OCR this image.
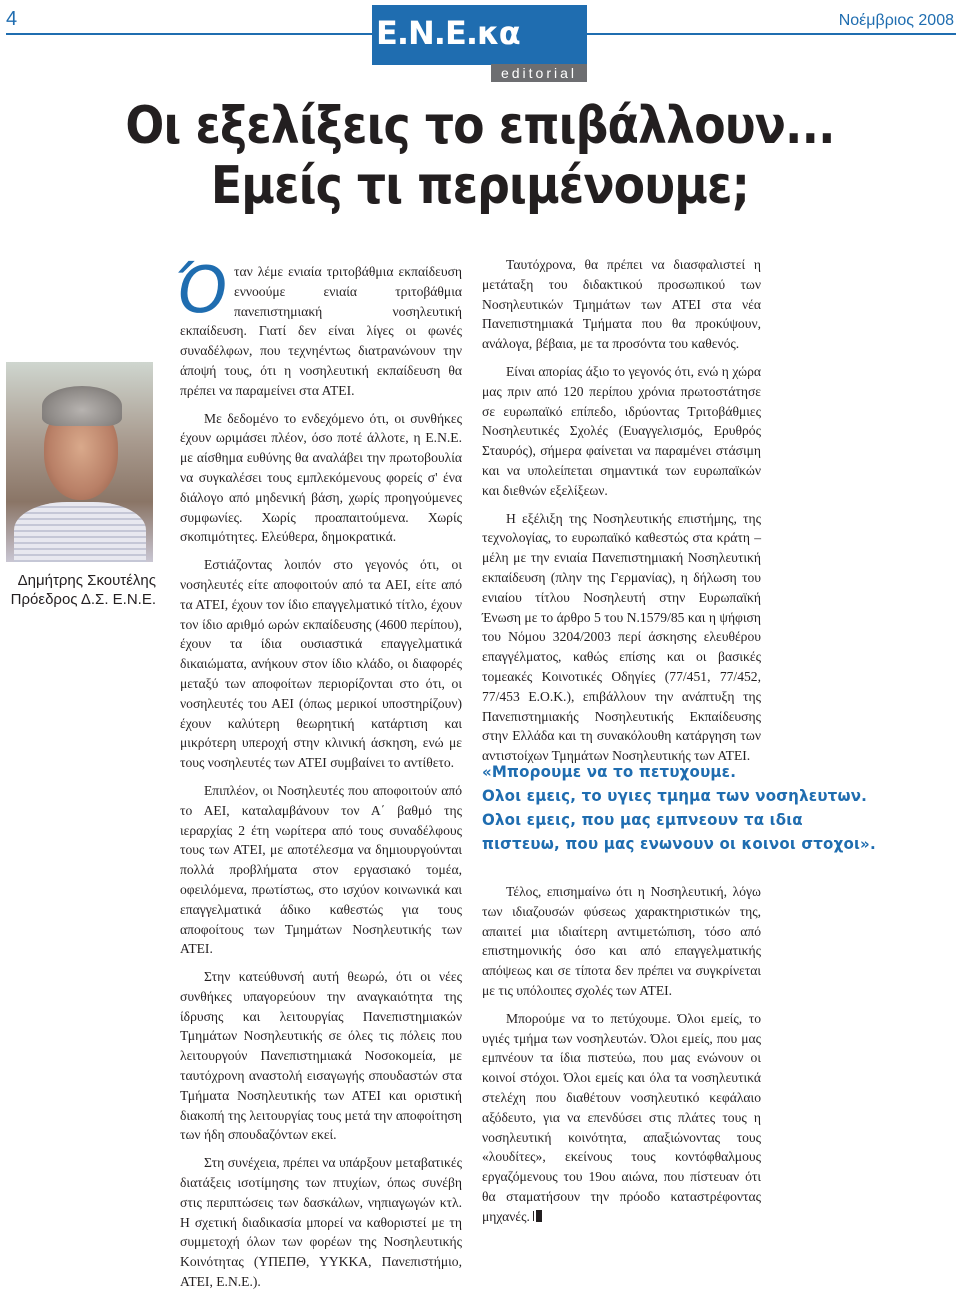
4	Ε.Ν.Ε.κα
editorial
Νοέμβριος 2008
Οι εξελίξεις το επιβάλλουν...
Εμείς τι περιμένουμε;
Δημήτρης Σκουτέλης
Πρόεδρος Δ.Σ. Ε.Ν.Ε.

Όταν λέμε ενιαία τριτοβάθμια εκπαίδευση εννοούμε ενιαία τριτοβάθμια πανεπιστημιακή νοσηλευτική εκπαίδευση. Γιατί δεν είναι λίγες οι φωνές συναδέλφων, που τεχνηέντως διατρανώνουν την άποψή τους, ότι η νοσηλευτική εκπαίδευση θα πρέπει να παραμείνει στα ΑΤΕΙ.

Με δεδομένο το ενδεχόμενο ότι, οι συνθήκες έχουν ωριμάσει πλέον, όσο ποτέ άλλοτε, η Ε.Ν.Ε. με αίσθημα ευθύνης θα αναλάβει την πρωτοβουλία να συγκαλέσει τους εμπλεκόμενους φορείς σ' ένα διάλογο από μηδενική βάση, χωρίς προηγούμενες συμφωνίες. Χωρίς προαπαιτούμενα. Χωρίς σκοπιμότητες. Ελεύθερα, δημοκρατικά.

Εστιάζοντας λοιπόν στο γεγονός ότι, οι νοσηλευτές είτε αποφοιτούν από τα ΑΕΙ, είτε από τα ΑΤΕΙ, έχουν τον ίδιο επαγγελματικό τίτλο, έχουν τον ίδιο αριθμό ωρών εκπαίδευσης (4600 περίπου), έχουν τα ίδια ουσιαστικά επαγγελματικά δικαιώματα, ανήκουν στον ίδιο κλάδο, οι διαφορές μεταξύ των αποφοίτων περιορίζονται στο ότι, οι νοσηλευτές του ΑΕΙ (όπως μερικοί υποστηρίζουν) έχουν καλύτερη θεωρητική κατάρτιση και μικρότερη υπεροχή στην κλινική άσκηση, ενώ με τους νοσηλευτές των ΑΤΕΙ συμβαίνει το αντίθετο.

Επιπλέον, οι Νοσηλευτές που αποφοιτούν από το ΑΕΙ, καταλαμβάνουν τον Α΄ βαθμό της ιεραρχίας 2 έτη νωρίτερα από τους συναδέλφους τους των ΑΤΕΙ, με αποτέλεσμα να δημιουργούνται πολλά προβλήματα στον εργασιακό τομέα, οφειλόμενα, πρωτίστως, στο ισχύον κοινωνικά και επαγγελματικά άδικο καθεστώς για τους αποφοίτους των Τμημάτων Νοσηλευτικής των ΑΤΕΙ.

Στην κατεύθυνσή αυτή θεωρώ, ότι οι νέες συνθήκες υπαγορεύουν την αναγκαιότητα της ίδρυσης και λειτουργίας Πανεπιστημιακών Τμημάτων Νοσηλευτικής σε όλες τις πόλεις που λειτουργούν Πανεπιστημιακά Νοσοκομεία, με ταυτόχρονη αναστολή εισαγωγής σπουδαστών στα Τμήματα Νοσηλευτικής των ΑΤΕΙ και οριστική διακοπή της λειτουργίας τους μετά την αποφοίτηση των ήδη σπουδαζόντων εκεί.

Στη συνέχεια, πρέπει να υπάρξουν μεταβατικές διατάξεις ισοτίμησης των πτυχίων, όπως συνέβη στις περιπτώσεις των δασκάλων, νηπιαγωγών κτλ. Η σχετική διαδικασία μπορεί να καθοριστεί με τη συμμετοχή όλων των φορέων της Νοσηλευτικής Κοινότητας (ΥΠΕΠΘ, ΥΥΚΚΑ, Πανεπιστήμιο, ΑΤΕΙ, Ε.Ν.Ε.).

Ταυτόχρονα, θα πρέπει να διασφαλιστεί η μετάταξη του διδακτικού προσωπικού των Νοσηλευτικών Τμημάτων των ΑΤΕΙ στα νέα Πανεπιστημιακά Τμήματα που θα προκύψουν, ανάλογα, βέβαια, με τα προσόντα του καθενός.

Είναι απορίας άξιο το γεγονός ότι, ενώ η χώρα μας πριν από 120 περίπου χρόνια πρωτοστάτησε σε ευρωπαϊκό επίπεδο, ιδρύοντας Τριτοβάθμιες Νοσηλευτικές Σχολές (Ευαγγελισμός, Ερυθρός Σταυρός), σήμερα φαίνεται να παραμένει στάσιμη και να υπολείπεται σημαντικά των ευρωπαϊκών και διεθνών εξελίξεων.

Η εξέλιξη της Νοσηλευτικής επιστήμης, της τεχνολογίας, το ευρωπαϊκό καθεστώς στα κράτη –μέλη με την ενιαία Πανεπιστημιακή Νοσηλευτική εκπαίδευση (πλην της Γερμανίας), η δήλωση του ενιαίου τίτλου Νοσηλευτή στην Ευρωπαϊκή Ένωση με το άρθρο 5 του Ν.1579/85 και η ψήφιση του Νόμου 3204/2003 περί άσκησης ελευθέρου επαγγέλματος, καθώς επίσης και οι βασικές τομεακές Κοινοτικές Οδηγίες (77/451, 77/452, 77/453 Ε.Ο.Κ.), επιβάλλουν την ανάπτυξη της Πανεπιστημιακής Νοσηλευτικής Εκπαίδευσης στην Ελλάδα και τη συνακόλουθη κατάργηση των αντιστοίχων Τμημάτων Νοσηλευτικής των ΑΤΕΙ.

«Μπορουμε να το πετυχουμε.
Ολοι εμεις, το υγιες τμημα των νοσηλευτων.
Ολοι εμεις, που μας εμπνεουν τα ιδια
πιστευω, που μας ενωνουν οι κοινοι στοχοι».

Τέλος, επισημαίνω ότι η Νοσηλευτική, λόγω των ιδιαζουσών φύσεως χαρακτηριστικών της, απαιτεί μια ιδιαίτερη αντιμετώπιση, τόσο από επιστημονικής όσο και από επαγγελματικής απόψεως και σε τίποτα δεν πρέπει να συγκρίνεται με τις υπόλοιπες σχολές των ΑΤΕΙ.

Μπορούμε να το πετύχουμε. Όλοι εμείς, το υγιές τμήμα των νοσηλευτών. Όλοι εμείς, που μας εμπνέουν τα ίδια πιστεύω, που μας ενώνουν οι κοινοί στόχοι. Όλοι εμείς και όλα τα νοσηλευτικά στελέχη που διαθέτουν νοσηλευτικό κεφάλαιο αξόδευτο, για να επενδύσει στις πλάτες τους η νοσηλευτική κοινότητα, απαξιώνοντας τους «λουδίτες», εκείνους τους κοντόφθαλμους εργαζόμενους του 19ου αιώνα, που πίστευαν ότι θα σταματήσουν την πρόοδο καταστρέφοντας μηχανές.
